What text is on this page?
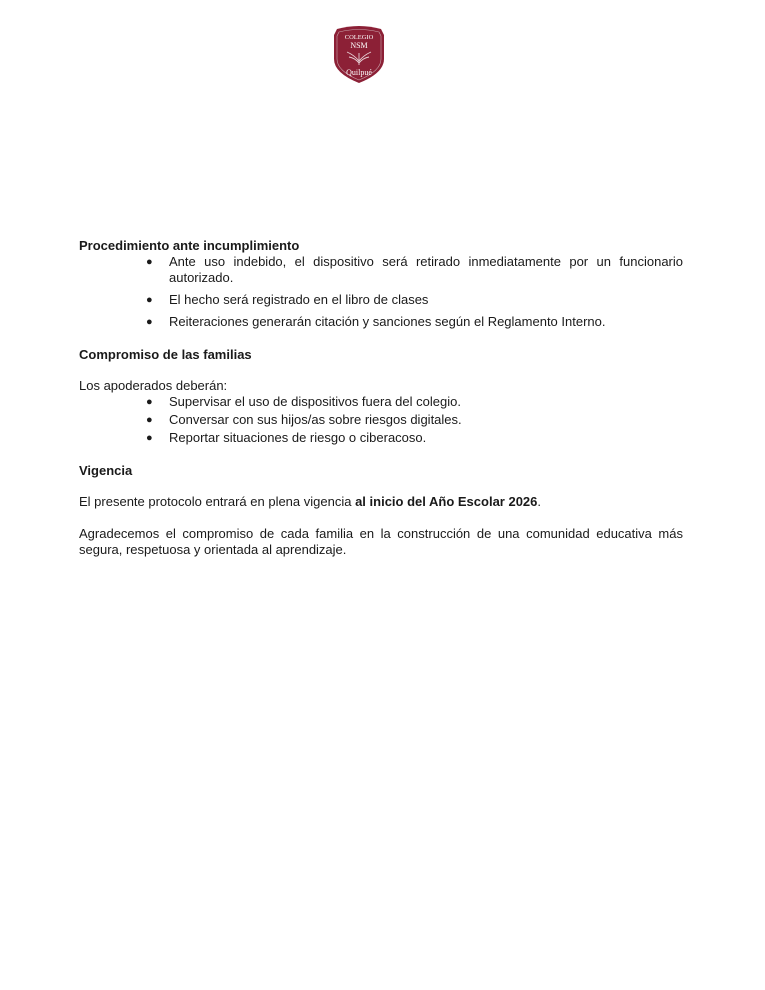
COLEGIO
NSM
Quilpué

Procedimiento ante incumplimiento

● Ante uso indebido, el dispositivo será retirado inmediatamente por un funcionario autorizado.
● El hecho será registrado en el libro de clases
● Reiteraciones generarán citación y sanciones según el Reglamento Interno.

Compromiso de las familias

Los apoderados deberán:

● Supervisar el uso de dispositivos fuera del colegio.
● Conversar con sus hijos/as sobre riesgos digitales.
● Reportar situaciones de riesgo o ciberacoso.

Vigencia

El presente protocolo entrará en plena vigencia al inicio del Año Escolar 2026.

Agradecemos el compromiso de cada familia en la construcción de una comunidad educativa más segura, respetuosa y orientada al aprendizaje.
